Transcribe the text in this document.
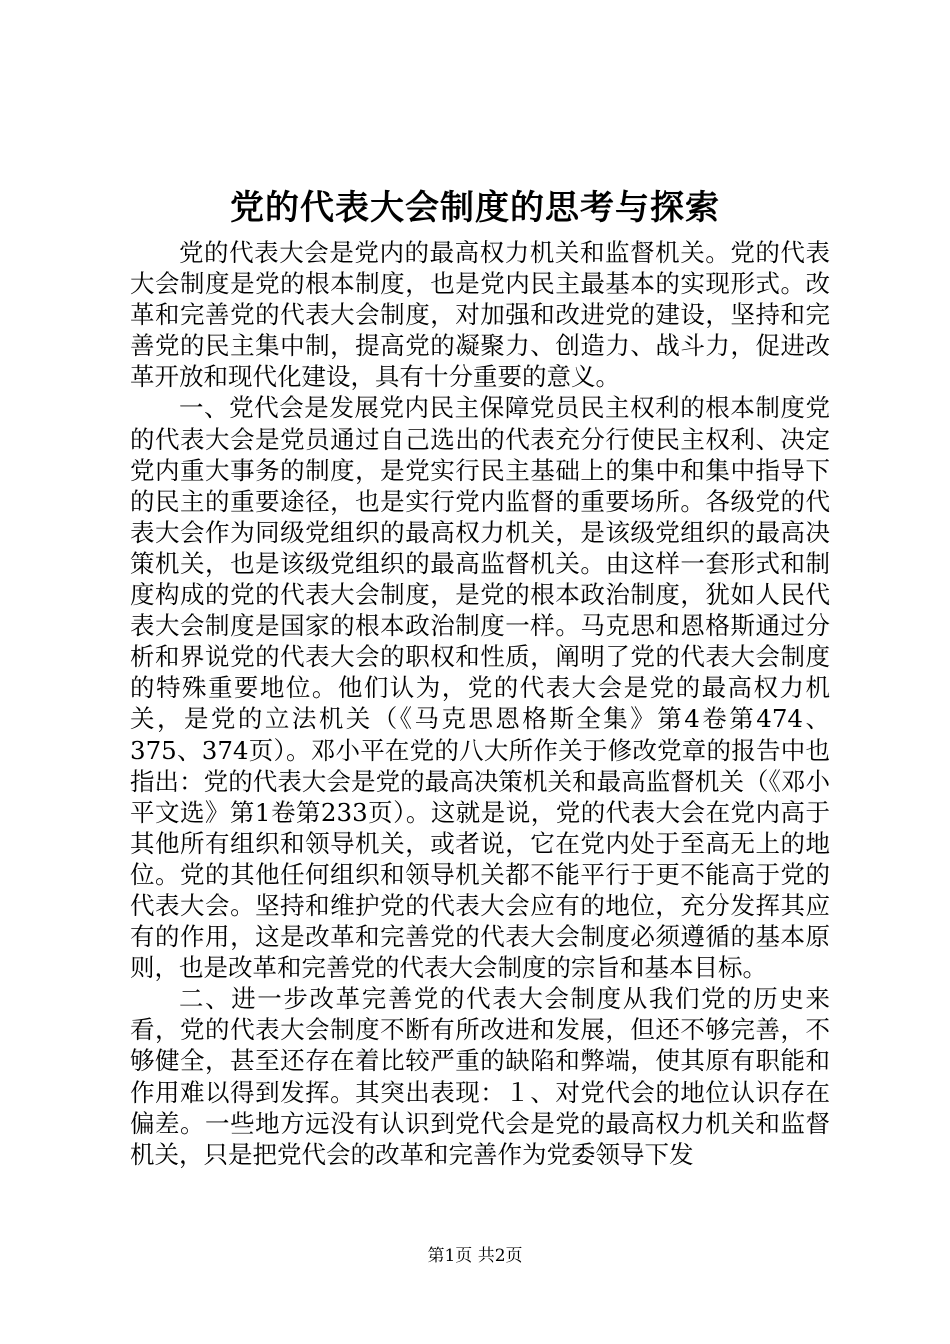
党的代表大会制度的思考与探索

党的代表大会是党内的最高权力机关和监督机关。党的代表大会制度是党的根本制度，也是党内民主最基本的实现形式。改革和完善党的代表大会制度，对加强和改进党的建设，坚持和完善党的民主集中制，提高党的凝聚力、创造力、战斗力，促进改革开放和现代化建设，具有十分重要的意义。

一、党代会是发展党内民主保障党员民主权利的根本制度党的代表大会是党员通过自己选出的代表充分行使民主权利、决定党内重大事务的制度，是党实行民主基础上的集中和集中指导下的民主的重要途径，也是实行党内监督的重要场所。各级党的代表大会作为同级党组织的最高权力机关，是该级党组织的最高决策机关，也是该级党组织的最高监督机关。由这样一套形式和制度构成的党的代表大会制度，是党的根本政治制度，犹如人民代表大会制度是国家的根本政治制度一样。马克思和恩格斯通过分析和界说党的代表大会的职权和性质，阐明了党的代表大会制度的特殊重要地位。他们认为，党的代表大会是党的最高权力机关，是党的立法机关（《马克思恩格斯全集》第4卷第474、375、374页）。邓小平在党的八大所作关于修改党章的报告中也指出：党的代表大会是党的最高决策机关和最高监督机关（《邓小平文选》第1卷第233页）。这就是说，党的代表大会在党内高于其他所有组织和领导机关，或者说，它在党内处于至高无上的地位。党的其他任何组织和领导机关都不能平行于更不能高于党的代表大会。坚持和维护党的代表大会应有的地位，充分发挥其应有的作用，这是改革和完善党的代表大会制度必须遵循的基本原则，也是改革和完善党的代表大会制度的宗旨和基本目标。

二、进一步改革完善党的代表大会制度从我们党的历史来看，党的代表大会制度不断有所改进和发展，但还不够完善，不够健全，甚至还存在着比较严重的缺陷和弊端，使其原有职能和作用难以得到发挥。其突出表现：１、对党代会的地位认识存在偏差。一些地方远没有认识到党代会是党的最高权力机关和监督机关，只是把党代会的改革和完善作为党委领导下发

第1页 共2页
